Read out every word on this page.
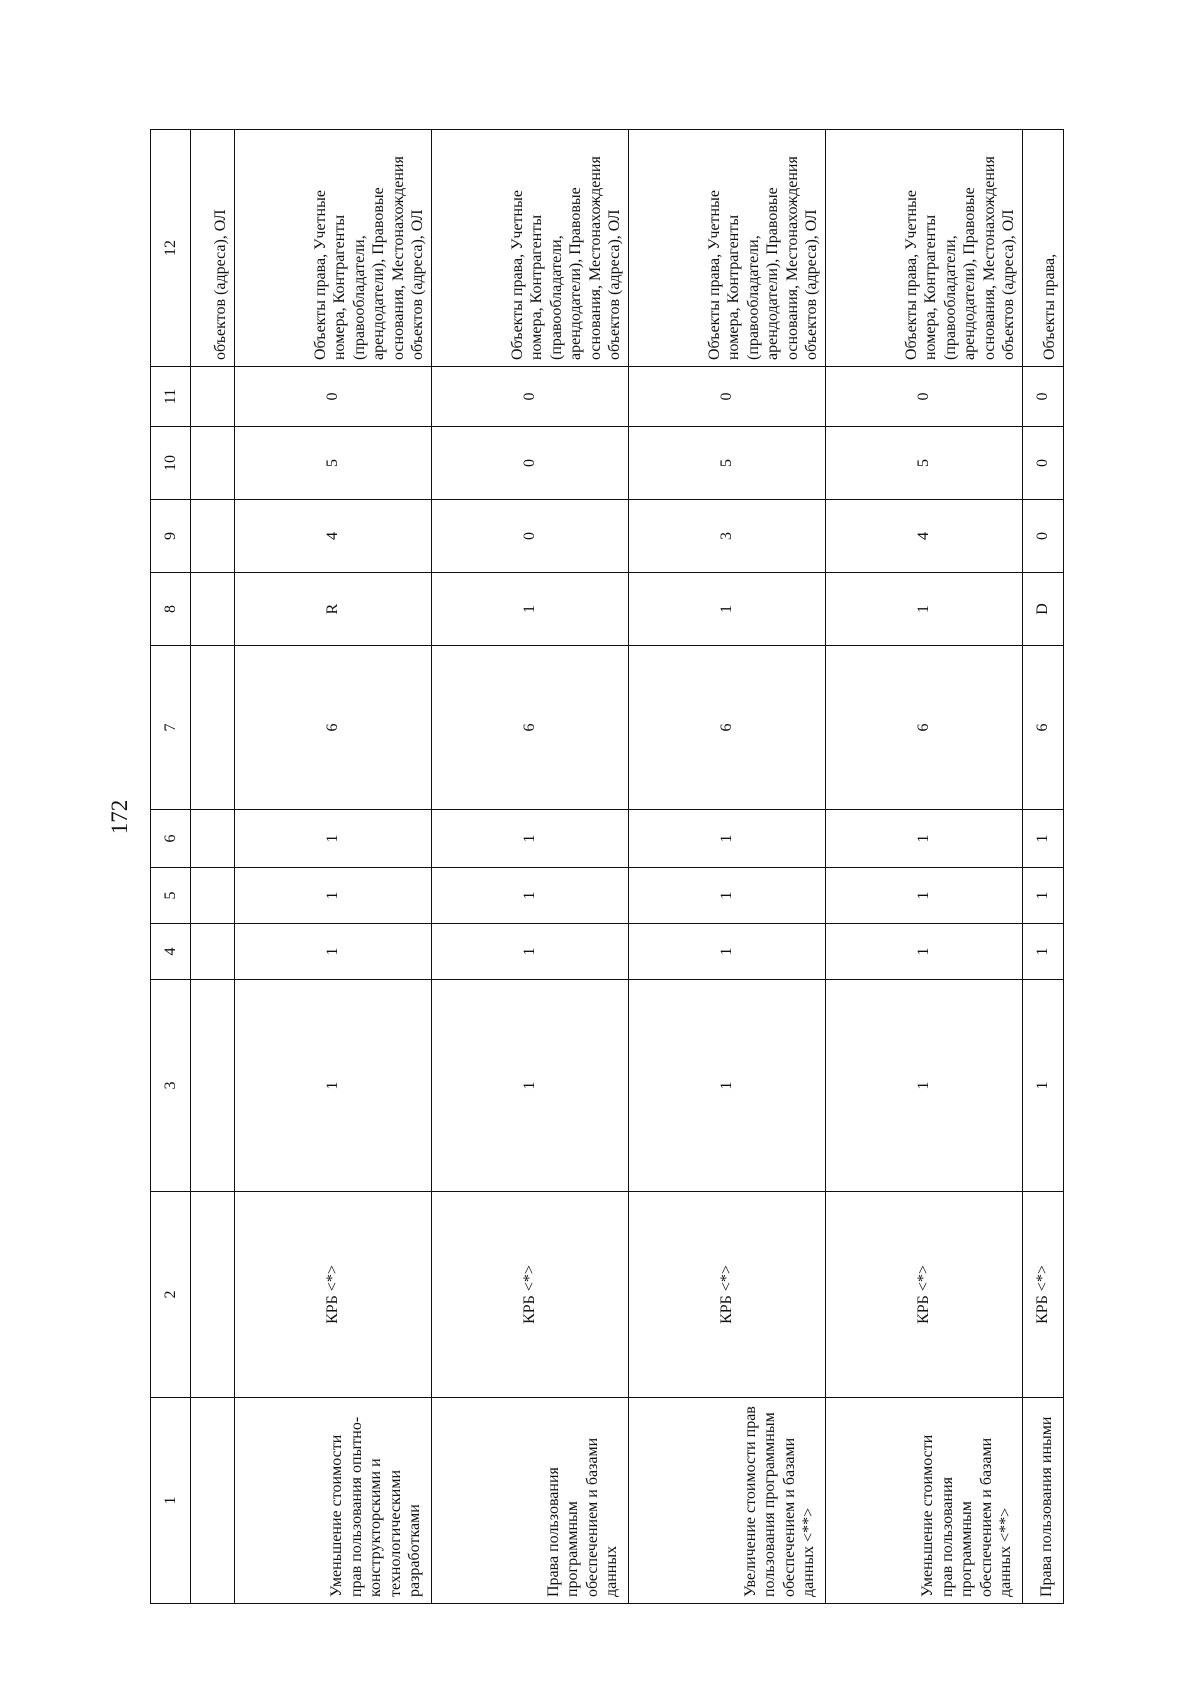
172
1	2	3	4	5	6	7	8	9	10	11	12
											объектов (адреса), ОЛ
Уменьшение стоимости прав пользования опытно-конструкторскими и технологическими разработками	КРБ <*>	1	1	1	1	6	R	4	5	0	Объекты права, Учетные номера, Контрагенты (правообладатели, арендодатели), Правовые основания, Местонахождения объектов (адреса), ОЛ
Права пользования программным обеспечением и базами данных	КРБ <*>	1	1	1	1	6	1	0	0	0	Объекты права, Учетные номера, Контрагенты (правообладатели, арендодатели), Правовые основания, Местонахождения объектов (адреса), ОЛ
Увеличение стоимости прав пользования программным обеспечением и базами данных <**>	КРБ <*>	1	1	1	1	6	1	3	5	0	Объекты права, Учетные номера, Контрагенты (правообладатели, арендодатели), Правовые основания, Местонахождения объектов (адреса), ОЛ
Уменьшение стоимости прав пользования программным обеспечением и базами данных <**>	КРБ <*>	1	1	1	1	6	1	4	5	0	Объекты права, Учетные номера, Контрагенты (правообладатели, арендодатели), Правовые основания, Местонахождения объектов (адреса), ОЛ
Права пользования иными	КРБ <*>	1	1	1	1	6	D	0	0	0	Объекты права,
